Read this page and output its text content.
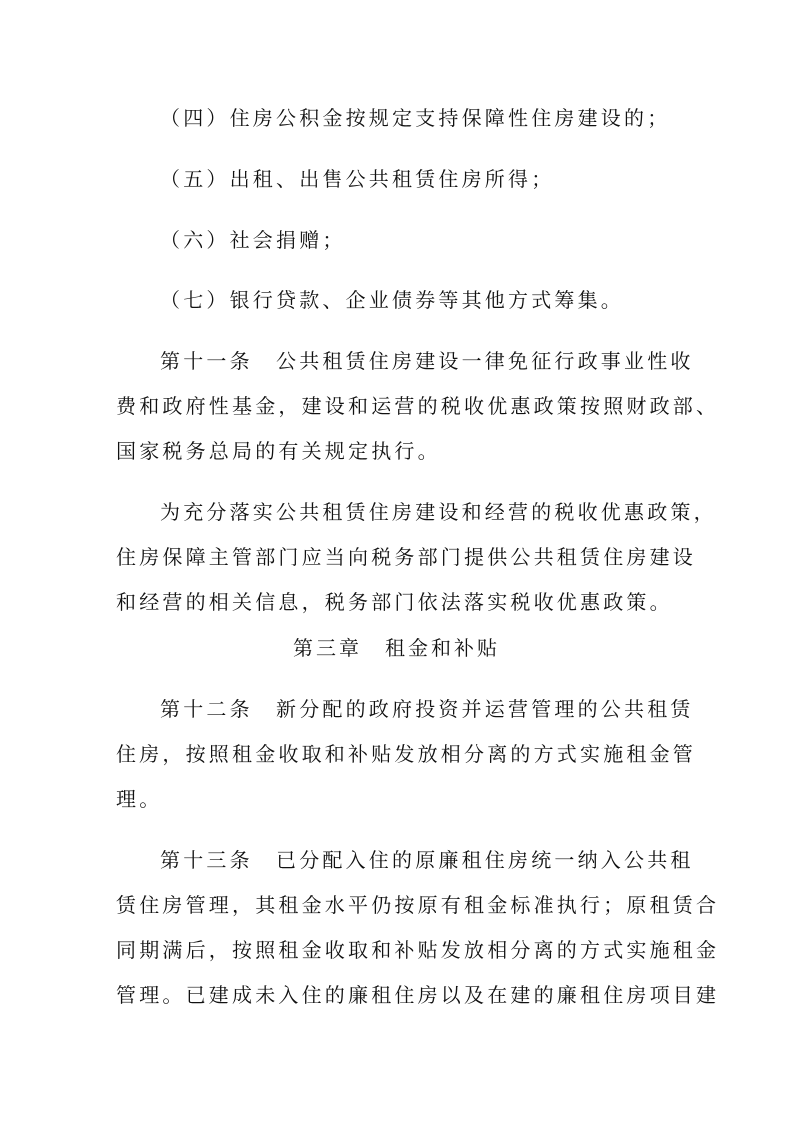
（四）住房公积金按规定支持保障性住房建设的；
（五）出租、出售公共租赁住房所得；
（六）社会捐赠；
（七）银行贷款、企业债券等其他方式筹集。
第十一条　公共租赁住房建设一律免征行政事业性收
费和政府性基金，建设和运营的税收优惠政策按照财政部、
国家税务总局的有关规定执行。
为充分落实公共租赁住房建设和经营的税收优惠政策，
住房保障主管部门应当向税务部门提供公共租赁住房建设
和经营的相关信息，税务部门依法落实税收优惠政策。
第三章　租金和补贴
第十二条　新分配的政府投资并运营管理的公共租赁
住房，按照租金收取和补贴发放相分离的方式实施租金管
理。
第十三条　已分配入住的原廉租住房统一纳入公共租
赁住房管理，其租金水平仍按原有租金标准执行；原租赁合
同期满后，按照租金收取和补贴发放相分离的方式实施租金
管理。已建成未入住的廉租住房以及在建的廉租住房项目建
